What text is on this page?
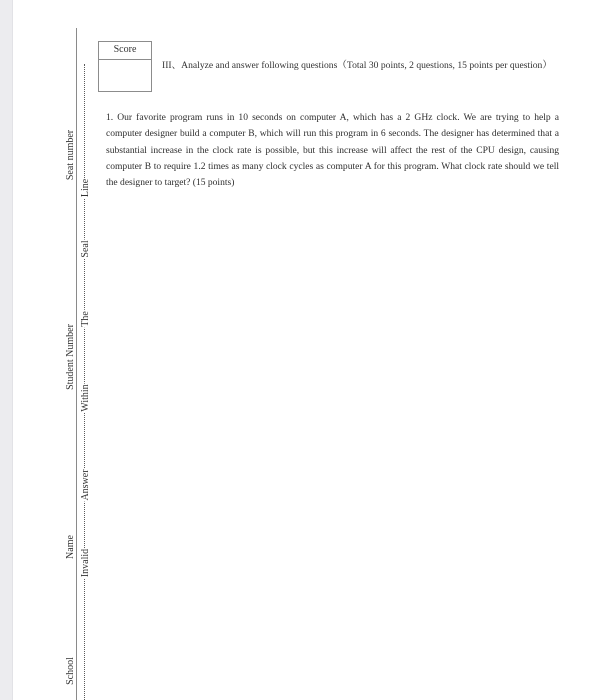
Seat number
Student Number
Name
School
Line
Seal
The
Within
Answer
Invalid
Score
III、Analyze and answer following questions（Total 30 points, 2 questions, 15 points per question）
1. Our favorite program runs in 10 seconds on computer A, which has a 2 GHz clock. We are trying to help a computer designer build a computer B, which will run this program in 6 seconds. The designer has determined that a substantial increase in the clock rate is possible, but this increase will affect the rest of the CPU design, causing computer B to require 1.2 times as many clock cycles as computer A for this program. What clock rate should we tell the designer to target? (15 points)
